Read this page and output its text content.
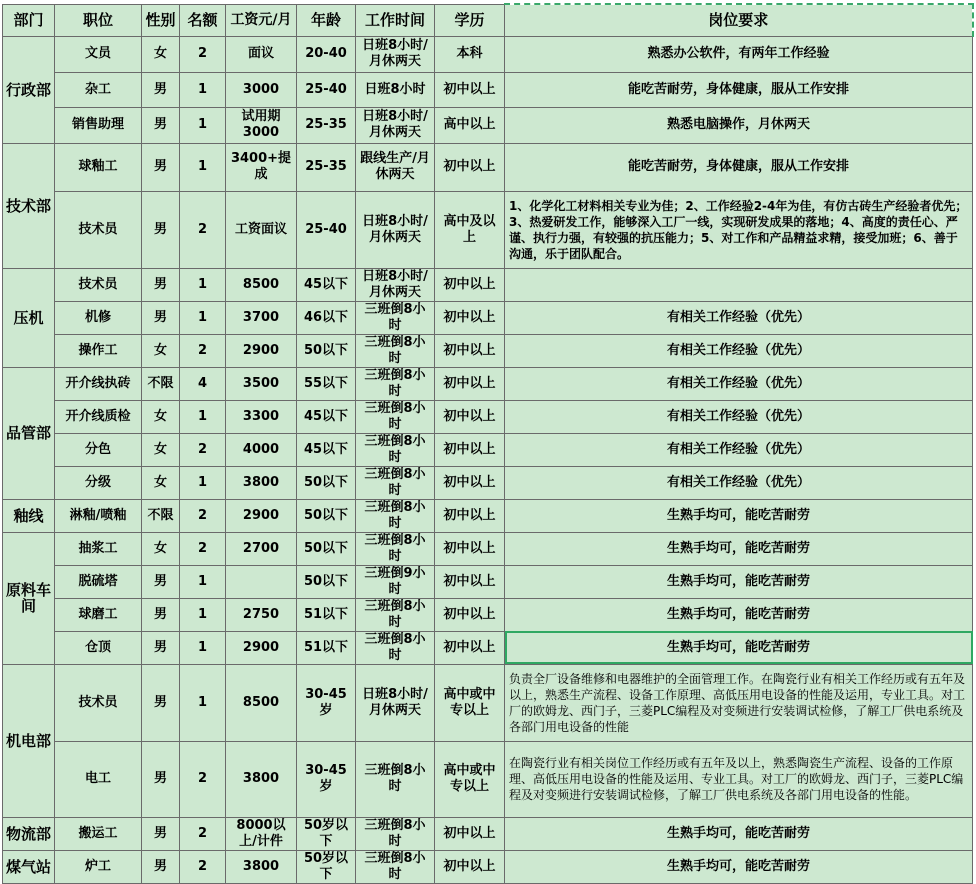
部门	职位	性别	名额	工资元/月	年龄	工作时间	学历	岗位要求
行政部	文员	女	2	面议	20-40	日班8小时/月休两天	本科	熟悉办公软件，有两年工作经验
	杂工	男	1	3000	25-40	日班8小时	初中以上	能吃苦耐劳，身体健康，服从工作安排
	销售助理	男	1	试用期3000	25-35	日班8小时/月休两天	高中以上	熟悉电脑操作，月休两天
技术部	球釉工	男	1	3400+提成	25-35	跟线生产/月休两天	初中以上	能吃苦耐劳，身体健康，服从工作安排
	技术员	男	2	工资面议	25-40	日班8小时/月休两天	高中及以上	1、化学化工材料相关专业为佳；2、工作经验2-4年为佳，有仿古砖生产经验者优先；3、热爱研发工作，能够深入工厂一线，实现研发成果的落地；4、高度的责任心、严谨、执行力强，有较强的抗压能力；5、对工作和产品精益求精，接受加班；6、善于沟通，乐于团队配合。
压机	技术员	男	1	8500	45以下	日班8小时/月休两天	初中以上	
	机修	男	1	3700	46以下	三班倒8小时	初中以上	有相关工作经验（优先）
	操作工	女	2	2900	50以下	三班倒8小时	初中以上	有相关工作经验（优先）
品管部	开介线执砖	不限	4	3500	55以下	三班倒8小时	初中以上	有相关工作经验（优先）
	开介线质检	女	1	3300	45以下	三班倒8小时	初中以上	有相关工作经验（优先）
	分色	女	2	4000	45以下	三班倒8小时	初中以上	有相关工作经验（优先）
	分级	女	1	3800	50以下	三班倒8小时	初中以上	有相关工作经验（优先）
釉线	淋釉/喷釉	不限	2	2900	50以下	三班倒8小时	初中以上	生熟手均可，能吃苦耐劳
原料车间	抽浆工	女	2	2700	50以下	三班倒8小时	初中以上	生熟手均可，能吃苦耐劳
	脱硫塔	男	1		50以下	三班倒9小时	初中以上	生熟手均可，能吃苦耐劳
	球磨工	男	1	2750	51以下	三班倒8小时	初中以上	生熟手均可，能吃苦耐劳
	仓顶	男	1	2900	51以下	三班倒8小时	初中以上	生熟手均可，能吃苦耐劳
机电部	技术员	男	1	8500	30-45岁	日班8小时/月休两天	高中或中专以上	负责全厂设备维修和电器维护的全面管理工作。在陶瓷行业有相关工作经历或有五年及以上，熟悉生产流程、设备工作原理、高低压用电设备的性能及运用，专业工具。对工厂的欧姆龙、西门子，三菱PLC编程及对变频进行安装调试检修，了解工厂供电系统及各部门用电设备的性能
	电工	男	2	3800	30-45岁	三班倒8小时	高中或中专以上	在陶瓷行业有相关岗位工作经历或有五年及以上，熟悉陶瓷生产流程、设备的工作原理、高低压用电设备的性能及运用、专业工具。对工厂的欧姆龙、西门子，三菱PLC编程及对变频进行安装调试检修，了解工厂供电系统及各部门用电设备的性能。
物流部	搬运工	男	2	8000以上/计件	50岁以下	三班倒8小时	初中以上	生熟手均可，能吃苦耐劳
煤气站	炉工	男	2	3800	50岁以下	三班倒8小时	初中以上	生熟手均可，能吃苦耐劳
